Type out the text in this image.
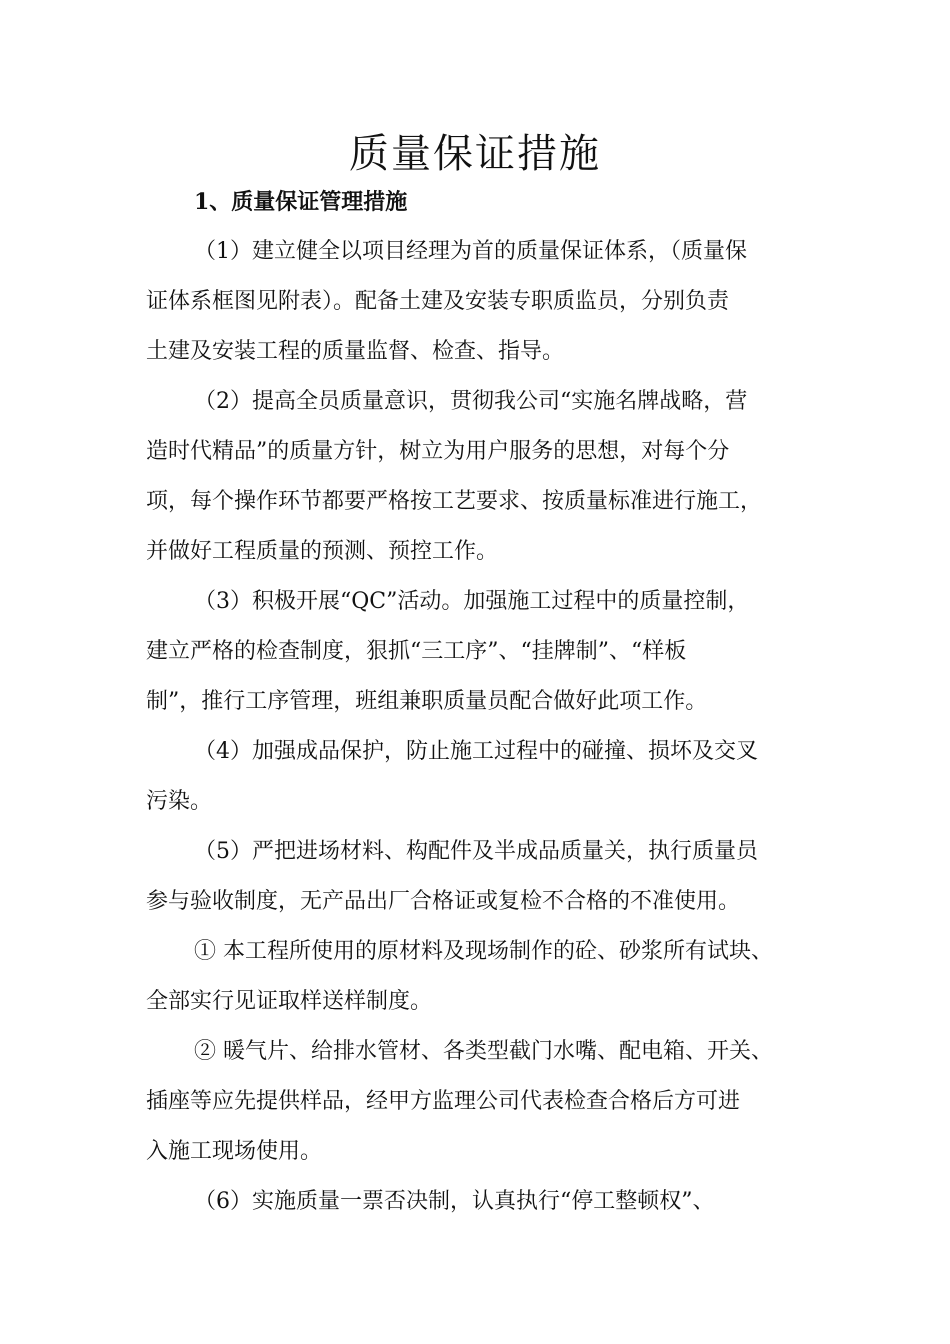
质量保证措施
1、质量保证管理措施
（1）建立健全以项目经理为首的质量保证体系，（质量保
证体系框图见附表）。配备土建及安装专职质监员，分别负责
土建及安装工程的质量监督、检查、指导。
（2）提高全员质量意识，贯彻我公司“实施名牌战略，营
造时代精品”的质量方针，树立为用户服务的思想，对每个分
项，每个操作环节都要严格按工艺要求、按质量标准进行施工，
并做好工程质量的预测、预控工作。
（3）积极开展“QC”活动。加强施工过程中的质量控制，
建立严格的检查制度，狠抓“三工序”、“挂牌制”、“样板
制”，推行工序管理，班组兼职质量员配合做好此项工作。
（4）加强成品保护，防止施工过程中的碰撞、损坏及交叉
污染。
（5）严把进场材料、构配件及半成品质量关，执行质量员
参与验收制度，无产品出厂合格证或复检不合格的不准使用。
① 本工程所使用的原材料及现场制作的砼、砂浆所有试块、
全部实行见证取样送样制度。
② 暖气片、给排水管材、各类型截门水嘴、配电箱、开关、
插座等应先提供样品，经甲方监理公司代表检查合格后方可进
入施工现场使用。
（6）实施质量一票否决制，认真执行“停工整顿权”、
